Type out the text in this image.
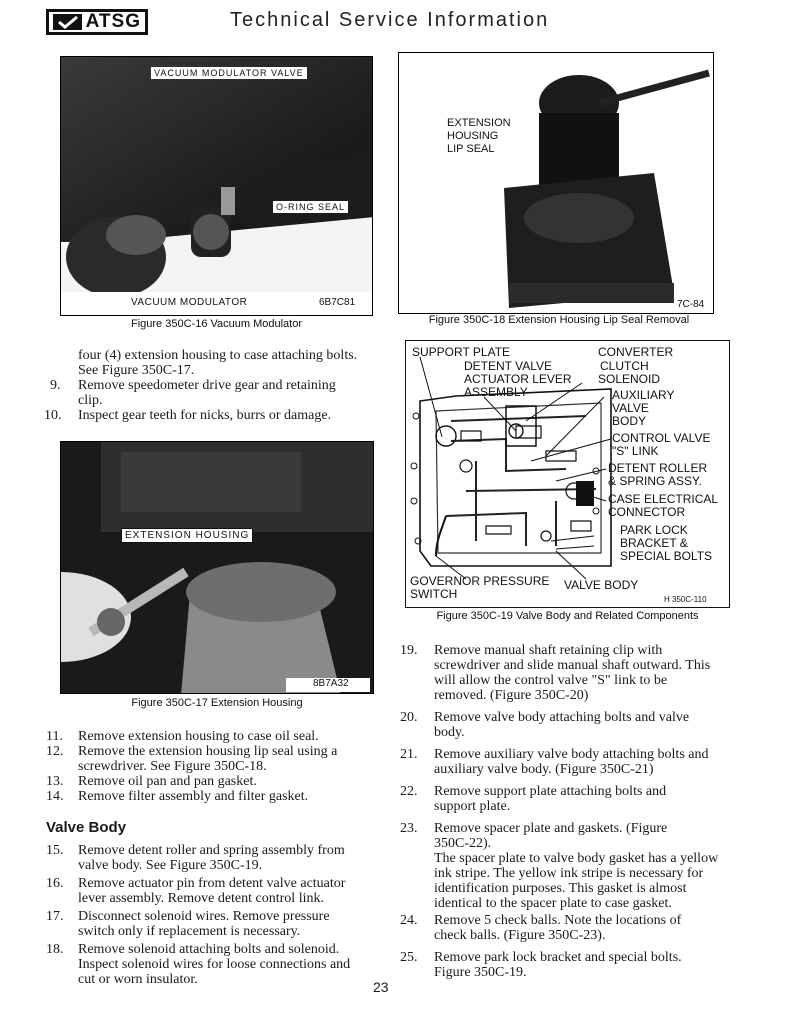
ATSG	Technical Service Information
VACUUM MODULATOR VALVE
O-RING SEAL
VACUUM MODULATOR	6B7C81
Figure 350C-16 Vacuum Modulator
EXTENSION
HOUSING
LIP SEAL
7C-84
Figure 350C-18 Extension Housing Lip Seal Removal
four (4) extension housing to case attaching bolts.
See Figure 350C-17.
9.	Remove speedometer drive gear and retaining
clip.
10.	Inspect gear teeth for nicks, burrs or damage.
EXTENSION HOUSING
8B7A32
Figure 350C-17 Extension Housing
SUPPORT PLATE
DETENT VALVE
ACTUATOR LEVER
ASSEMBLY
CONVERTER
CLUTCH
SOLENOID
AUXILIARY
VALVE
BODY
CONTROL VALVE
"S" LINK
DETENT ROLLER
& SPRING ASSY.
CASE ELECTRICAL
CONNECTOR
PARK LOCK
BRACKET &
SPECIAL BOLTS
GOVERNOR PRESSURE
SWITCH
VALVE BODY
H 350C-110
Figure 350C-19 Valve Body and Related Components
11.	Remove extension housing to case oil seal.
12.	Remove the extension housing lip seal using a
screwdriver. See Figure 350C-18.
13.	Remove oil pan and pan gasket.
14.	Remove filter assembly and filter gasket.
Valve Body
15.	Remove detent roller and spring assembly from
valve body. See Figure 350C-19.
16.	Remove actuator pin from detent valve actuator
lever assembly. Remove detent control link.
17.	Disconnect solenoid wires. Remove pressure
switch only if replacement is necessary.
18.	Remove solenoid attaching bolts and solenoid.
Inspect solenoid wires for loose connections and
cut or worn insulator.
19.	Remove manual shaft retaining clip with
screwdriver and slide manual shaft outward. This
will allow the control valve "S" link to be
removed. (Figure 350C-20)
20.	Remove valve body attaching bolts and valve
body.
21.	Remove auxiliary valve body attaching bolts and
auxiliary valve body. (Figure 350C-21)
22.	Remove support plate attaching bolts and
support plate.
23.	Remove spacer plate and gaskets. (Figure
350C-22).
The spacer plate to valve body gasket has a yellow
ink stripe. The yellow ink stripe is necessary for
identification purposes. This gasket is almost
identical to the spacer plate to case gasket.
24.	Remove 5 check balls. Note the locations of
check balls. (Figure 350C-23).
25.	Remove park lock bracket and special bolts.
Figure 350C-19.
23
